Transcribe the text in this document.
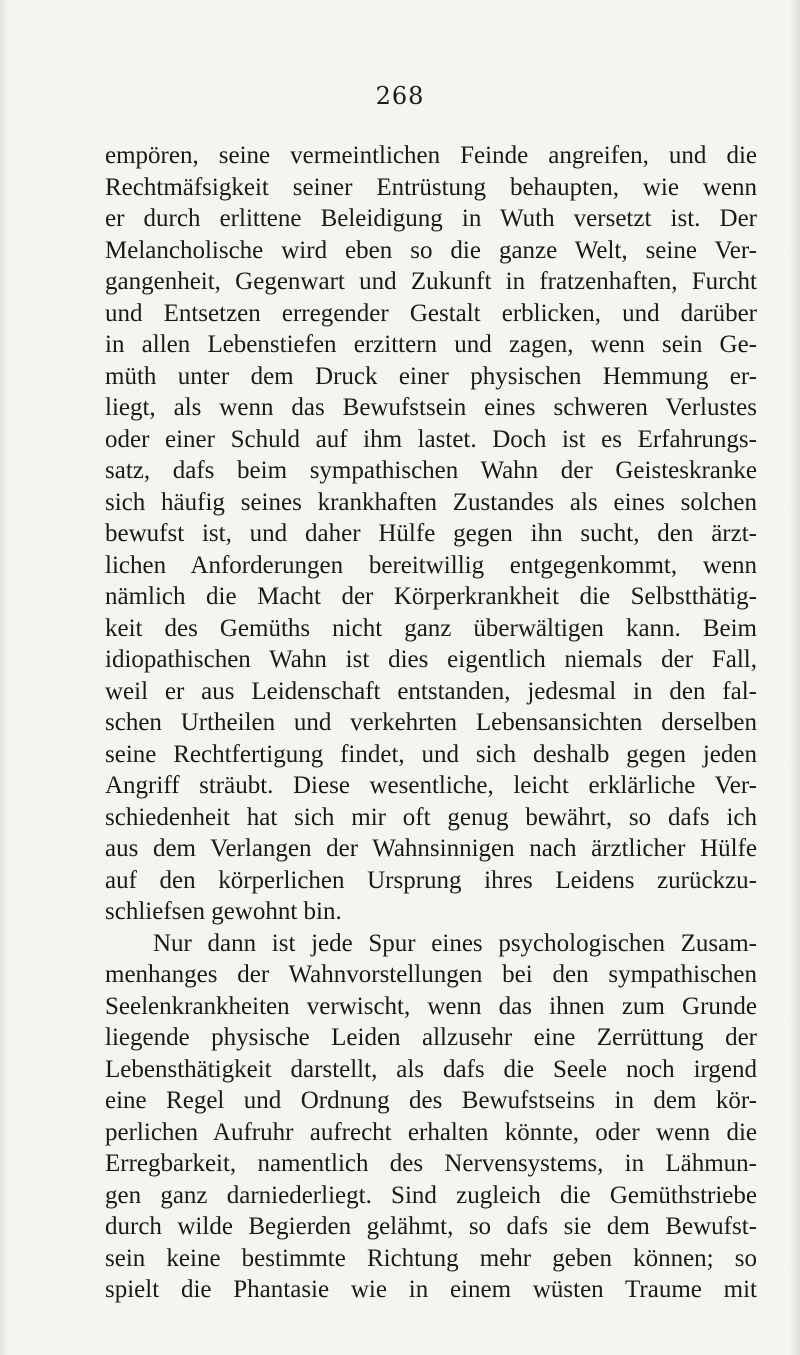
268
empören, seine vermeintlichen Feinde angreifen, und die
Rechtmäfsigkeit seiner Entrüstung behaupten, wie wenn
er durch erlittene Beleidigung in Wuth versetzt ist. Der
Melancholische wird eben so die ganze Welt, seine Ver-
gangenheit, Gegenwart und Zukunft in fratzenhaften, Furcht
und Entsetzen erregender Gestalt erblicken, und darüber
in allen Lebenstiefen erzittern und zagen, wenn sein Ge-
müth unter dem Druck einer physischen Hemmung er-
liegt, als wenn das Bewufstsein eines schweren Verlustes
oder einer Schuld auf ihm lastet. Doch ist es Erfahrungs-
satz, dafs beim sympathischen Wahn der Geisteskranke
sich häufig seines krankhaften Zustandes als eines solchen
bewufst ist, und daher Hülfe gegen ihn sucht, den ärzt-
lichen Anforderungen bereitwillig entgegenkommt, wenn
nämlich die Macht der Körperkrankheit die Selbstthätig-
keit des Gemüths nicht ganz überwältigen kann. Beim
idiopathischen Wahn ist dies eigentlich niemals der Fall,
weil er aus Leidenschaft entstanden, jedesmal in den fal-
schen Urtheilen und verkehrten Lebensansichten derselben
seine Rechtfertigung findet, und sich deshalb gegen jeden
Angriff sträubt. Diese wesentliche, leicht erklärliche Ver-
schiedenheit hat sich mir oft genug bewährt, so dafs ich
aus dem Verlangen der Wahnsinnigen nach ärztlicher Hülfe
auf den körperlichen Ursprung ihres Leidens zurückzu-
schliefsen gewohnt bin.
Nur dann ist jede Spur eines psychologischen Zusam-
menhanges der Wahnvorstellungen bei den sympathischen
Seelenkrankheiten verwischt, wenn das ihnen zum Grunde
liegende physische Leiden allzusehr eine Zerrüttung der
Lebensthätigkeit darstellt, als dafs die Seele noch irgend
eine Regel und Ordnung des Bewufstseins in dem kör-
perlichen Aufruhr aufrecht erhalten könnte, oder wenn die
Erregbarkeit, namentlich des Nervensystems, in Lähmun-
gen ganz darniederliegt. Sind zugleich die Gemüthstriebe
durch wilde Begierden gelähmt, so dafs sie dem Bewufst-
sein keine bestimmte Richtung mehr geben können; so
spielt die Phantasie wie in einem wüsten Traume mit
